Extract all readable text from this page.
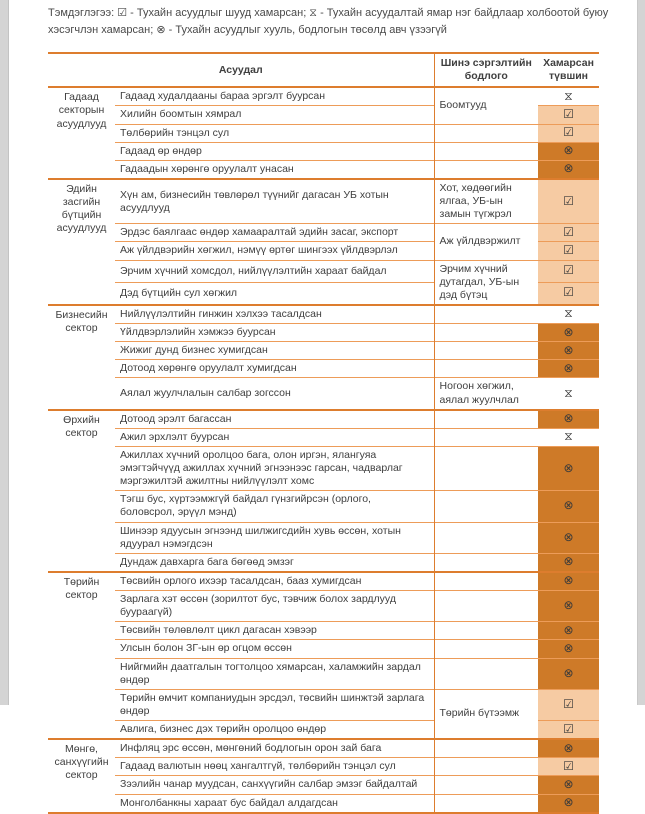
Тэмдэглэгээ: ☑ - Тухайн асуудлыг шууд хамарсан; ⧖ - Тухайн асуудалтай ямар нэг байдлаар холбоотой буюу хэсэгчлэн хамарсан; ⊗ - Тухайн асуудлыг хууль, бодлогын төсөлд авч үзээгүй

Асуудал		Шинэ сэргэлтийн бодлого	Хамарсан түвшин
Гадаад секторын асуудлууд	Гадаад худалдааны бараа эргэлт буурсан	Боомтууд	⧖
	Хилийн боомтын хямрал		☑
	Төлбөрийн тэнцэл сул		☑
	Гадаад өр өндөр		⊗
	Гадаадын хөрөнгө оруулалт унасан		⊗
Эдийн засгийн бүтцийн асуудлууд	Хүн ам, бизнесийн төвлөрөл түүнийг дагасан УБ хотын асуудлууд	Хот, хөдөөгийн ялгаа, УБ-ын замын түгжрэл	☑
	Эрдэс баялгаас өндөр хамааралтай эдийн засаг, экспорт	Аж үйлдвэржилт	☑
	Аж үйлдвэрийн хөгжил, нэмүү өртөг шингээх үйлдвэрлэл		☑
	Эрчим хүчний хомсдол, нийлүүлэлтийн хараат байдал	Эрчим хүчний дутагдал, УБ-ын дэд бүтэц	☑
	Дэд бүтцийн сул хөгжил		☑
Бизнесийн сектор	Нийлүүлэлтийн гинжин хэлхээ тасалдсан		⧖
	Үйлдвэрлэлийн хэмжээ буурсан		⊗
	Жижиг дунд бизнес хумигдсан		⊗
	Дотоод хөрөнгө оруулалт хумигдсан		⊗
	Аялал жуулчлалын салбар зогссон	Ногоон хөгжил, аялал жуулчлал	⧖
Өрхийн сектор	Дотоод эрэлт багассан		⊗
	Ажил эрхлэлт буурсан		⧖
	Ажиллах хүчний оролцоо бага, олон иргэн, ялангуяа эмэгтэйчүүд ажиллах хүчний эгнээнээс гарсан, чадварлаг мэргэжилтэй ажилтны нийлүүлэлт хомс		⊗
	Тэгш бус, хүртээмжгүй байдал гүнзгийрсэн (орлого, боловсрол, эрүүл мэнд)		⊗
	Шинээр ядуусын эгнээнд шилжигсдийн хувь өссөн, хотын ядуурал нэмэгдсэн		⊗
	Дундаж давхарга бага бөгөөд эмзэг		⊗
Төрийн сектор	Төсвийн орлого ихээр тасалдсан, бааз хумигдсан		⊗
	Зарлага хэт өссөн (зорилтот бус, тэвчиж болох зардлууд буураагүй)		⊗
	Төсвийн төлөвлөлт цикл дагасан хэвээр		⊗
	Улсын болон ЗГ-ын өр огцом өссөн		⊗
	Нийгмийн даатгалын тогтолцоо хямарсан, халамжийн зардал өндөр		⊗
	Төрийн өмчит компаниудын эрсдэл, төсвийн шинжтэй зарлага өндөр	Төрийн бүтээмж	☑
	Авлига, бизнес дэх төрийн оролцоо өндөр		☑
Мөнгө, санхүүгийн сектор	Инфляц эрс өссөн, мөнгөний бодлогын орон зай бага		⊗
	Гадаад валютын нөөц хангалтгүй, төлбөрийн тэнцэл сул		☑
	Зээлийн чанар муудсан, санхүүгийн салбар эмзэг байдалтай		⊗
	Монголбанкны хараат бус байдал алдагдсан		⊗
